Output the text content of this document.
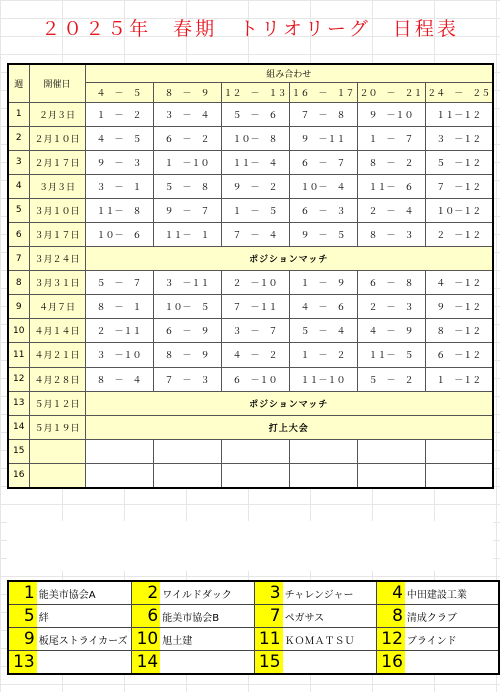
２０２５年　春期　トリオリーグ　日程表
週	開催日	組み合わせ					
		４　－　５	８　－　９	１２　－　１３	１６　－　１７	２０　－　２１	２４　－　２５
1	２月３日	１　－　２	３　－　４	５　－　６	７　－　８	９　－１０	１１－１２
2	２月１０日	４　－　５	６　－　２	１０－　８	９　－１１	１　－　７	３　－１２
3	２月１７日	９　－　３	１　－１０	１１－　４	６　－　７	８　－　２	５　－１２
4	３月３日	３　－　１	５　－　８	９　－　２	１０－　４	１１－　６	７　－１２
5	３月１０日	１１－　８	９　－　７	１　－　５	６　－　３	２　－　４	１０－１２
6	３月１７日	１０－　６	１１－　１	７　－　４	９　－　５	８　－　３	２　－１２
7	３月２４日	ポジションマッチ					
8	３月３１日	５　－　７	３　－１１	２　－１０	１　－　９	６　－　８	４　－１２
9	４月７日	８　－　１	１０－　５	７　－１１	４　－　６	２　－　３	９　－１２
10	４月１４日	２　－１１	６　－　９	３　－　７	５　－　４	４　－　９	８　－１２
11	４月２１日	３　－１０	８　－　９	４　－　２	１　－　２	１１－　５	６　－１２
12	４月２８日	８　－　４	７　－　３	６　－１０	１１－１０	５　－　２	１　－１２
13	５月１２日	ポジションマッチ					
14	５月１９日	打上大会					
15							
16							
1	能美市協会A	2	ワイルドダック	3	チャレンジャー	4	中田建設工業
5	絆	6	能美市協会B	7	ペガサス	8	清成クラブ
9	板尾ストライカーズ	10	旭土建	11	ＫＯＭＡＴＳＵ	12	ブラインド
13		14		15		16	
